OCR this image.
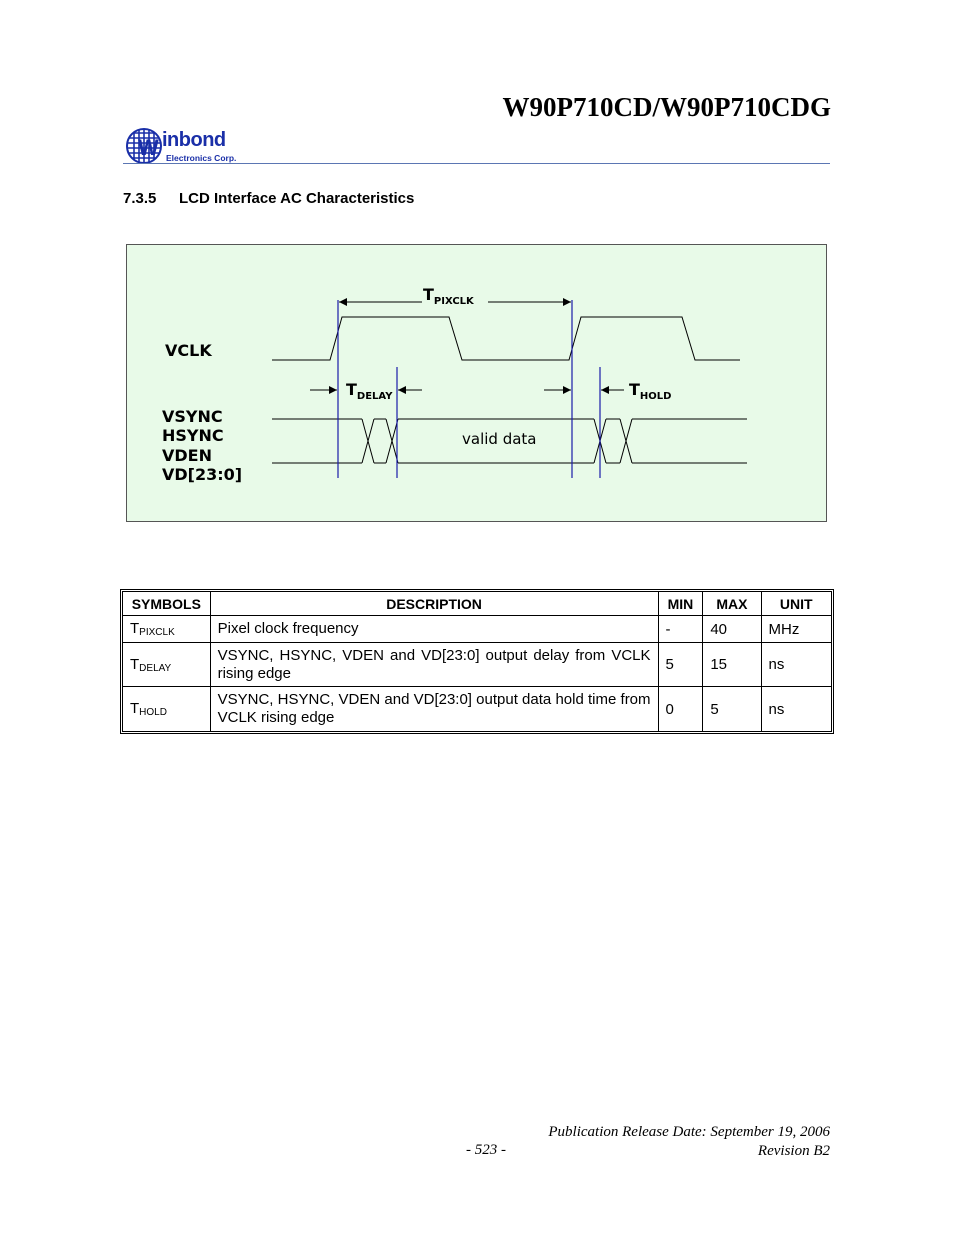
W90P710CD/W90P710CDG
W inbond
Electronics Corp.
7.3.5 LCD Interface AC Characteristics
VCLK
VSYNC
HSYNC
VDEN
VD[23:0]
$T_{PIXCLK}$
$T_{DELAY}$	$T_{HOLD}$
valid data
SYMBOLS	DESCRIPTION	MIN	MAX	UNIT
$T_{PIXCLK}$	Pixel clock frequency	-	40	MHz
$T_{DELAY}$	VSYNC, HSYNC, VDEN and VD[23:0] output delay from VCLK rising edge	5	15	ns
$T_{HOLD}$	VSYNC, HSYNC, VDEN and VD[23:0] output data hold time from VCLK rising edge	0	5	ns
Publication Release Date: September 19, 2006
Revision B2
- 523 -
